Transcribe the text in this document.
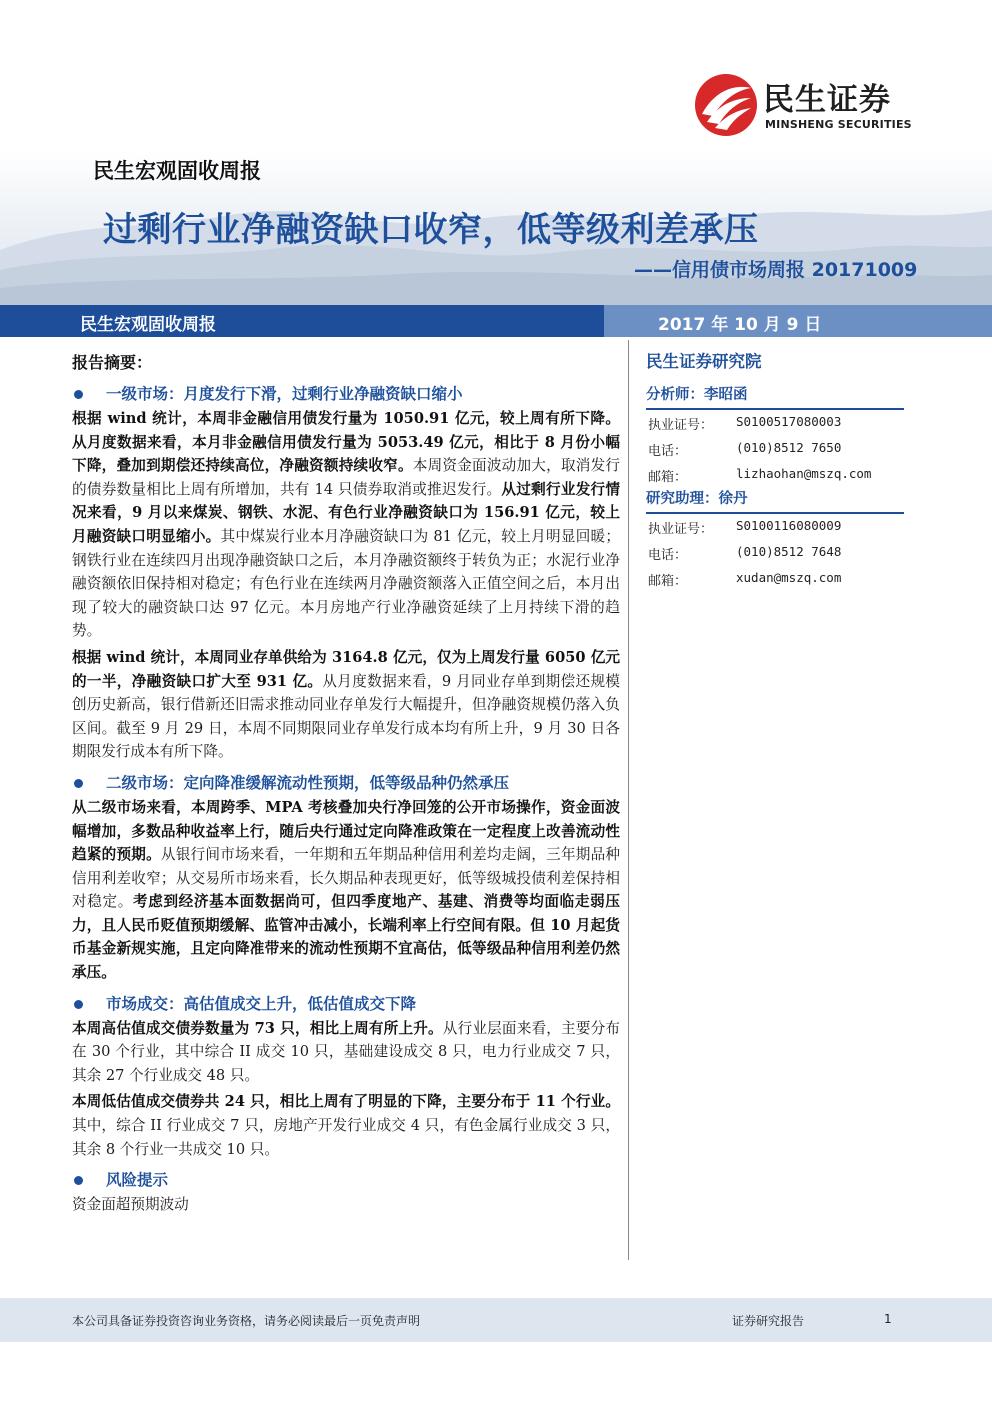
民生证券
MINSHENG SECURITIES
民生宏观固收周报
过剩行业净融资缺口收窄，低等级利差承压
——信用债市场周报 20171009
民生宏观固收周报	2017 年 10 月 9 日
报告摘要：
一级市场：月度发行下滑，过剩行业净融资缺口缩小
根据 wind 统计，本周非金融信用债发行量为 1050.91 亿元，较上周有所下降。从月度数据来看，本月非金融信用债发行量为 5053.49 亿元，相比于 8 月份小幅下降，叠加到期偿还持续高位，净融资额持续收窄。本周资金面波动加大，取消发行的债券数量相比上周有所增加，共有 14 只债券取消或推迟发行。从过剩行业发行情况来看，9 月以来煤炭、钢铁、水泥、有色行业净融资缺口为 156.91 亿元，较上月融资缺口明显缩小。其中煤炭行业本月净融资缺口为 81 亿元，较上月明显回暖；钢铁行业在连续四月出现净融资缺口之后，本月净融资额终于转负为正；水泥行业净融资额依旧保持相对稳定；有色行业在连续两月净融资额落入正值空间之后，本月出现了较大的融资缺口达 97 亿元。本月房地产行业净融资延续了上月持续下滑的趋势。
根据 wind 统计，本周同业存单供给为 3164.8 亿元，仅为上周发行量 6050 亿元的一半，净融资缺口扩大至 931 亿。从月度数据来看，9 月同业存单到期偿还规模创历史新高，银行借新还旧需求推动同业存单发行大幅提升，但净融资规模仍落入负区间。截至 9 月 29 日，本周不同期限同业存单发行成本均有所上升，9 月 30 日各期限发行成本有所下降。
二级市场：定向降准缓解流动性预期，低等级品种仍然承压
从二级市场来看，本周跨季、MPA 考核叠加央行净回笼的公开市场操作，资金面波幅增加，多数品种收益率上行，随后央行通过定向降准政策在一定程度上改善流动性趋紧的预期。从银行间市场来看，一年期和五年期品种信用利差均走阔，三年期品种信用利差收窄；从交易所市场来看，长久期品种表现更好，低等级城投债利差保持相对稳定。考虑到经济基本面数据尚可，但四季度地产、基建、消费等均面临走弱压力，且人民币贬值预期缓解、监管冲击减小，长端利率上行空间有限。但 10 月起货币基金新规实施，且定向降准带来的流动性预期不宜高估，低等级品种信用利差仍然承压。
市场成交：高估值成交上升，低估值成交下降
本周高估值成交债券数量为 73 只，相比上周有所上升。从行业层面来看，主要分布在 30 个行业，其中综合 II 成交 10 只，基础建设成交 8 只，电力行业成交 7 只，其余 27 个行业成交 48 只。
本周低估值成交债券共 24 只，相比上周有了明显的下降，主要分布于 11 个行业。其中，综合 II 行业成交 7 只，房地产开发行业成交 4 只，有色金属行业成交 3 只，其余 8 个行业一共成交 10 只。
风险提示
资金面超预期波动
民生证券研究院
分析师：李昭函
执业证号： S0100517080003
电话：	(010)8512 7650
邮箱：	lizhaohan@mszq.com
研究助理：徐丹
执业证号： S0100116080009
电话：	(010)8512 7648
邮箱：	xudan@mszq.com
本公司具备证券投资咨询业务资格，请务必阅读最后一页免责声明	证券研究报告	1
